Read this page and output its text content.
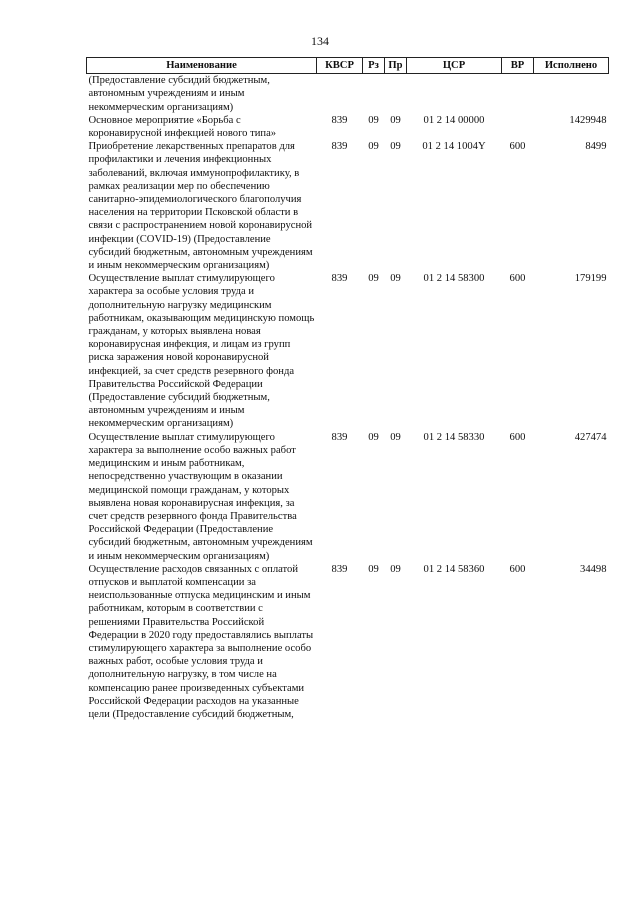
134
Наименование	КВСР	Рз	Пр	ЦСР	ВР	Исполнено
(Предоставление субсидий бюджетным, автономным учреждениям и иным некоммерческим организациям)						
Основное мероприятие «Борьба с коронавирусной инфекцией нового типа»	839	09	09	01 2 14 00000		1429948
Приобретение лекарственных препаратов для профилактики и лечения инфекционных заболеваний, включая иммунопрофилактику, в рамках реализации мер по обеспечению санитарно-эпидемиологического благополучия населения на территории Псковской области в связи с распространением новой коронавирусной инфекции (COVID-19) (Предоставление субсидий бюджетным, автономным учреждениям и иным некоммерческим организациям)	839	09	09	01 2 14 1004Y	600	8499
Осуществление выплат стимулирующего характера за особые условия труда и дополнительную нагрузку медицинским работникам, оказывающим медицинскую помощь гражданам, у которых выявлена новая коронавирусная инфекция, и лицам из групп риска заражения новой коронавирусной инфекцией, за счет средств резервного фонда Правительства Российской Федерации (Предоставление субсидий бюджетным, автономным учреждениям и иным некоммерческим организациям)	839	09	09	01 2 14 58300	600	179199
Осуществление выплат стимулирующего характера за выполнение особо важных работ медицинским и иным работникам, непосредственно участвующим в оказании медицинской помощи гражданам, у которых выявлена новая коронавирусная инфекция, за счет средств резервного фонда Правительства Российской Федерации (Предоставление субсидий бюджетным, автономным учреждениям и иным некоммерческим организациям)	839	09	09	01 2 14 58330	600	427474
Осуществление расходов связанных с оплатой отпусков и выплатой компенсации за неиспользованные отпуска медицинским и иным работникам, которым в соответствии с решениями Правительства Российской Федерации в 2020 году предоставлялись выплаты стимулирующего характера за выполнение особо важных работ, особые условия труда и дополнительную нагрузку, в том числе на компенсацию ранее произведенных субъектами Российской Федерации расходов на указанные цели (Предоставление субсидий бюджетным,	839	09	09	01 2 14 58360	600	34498
